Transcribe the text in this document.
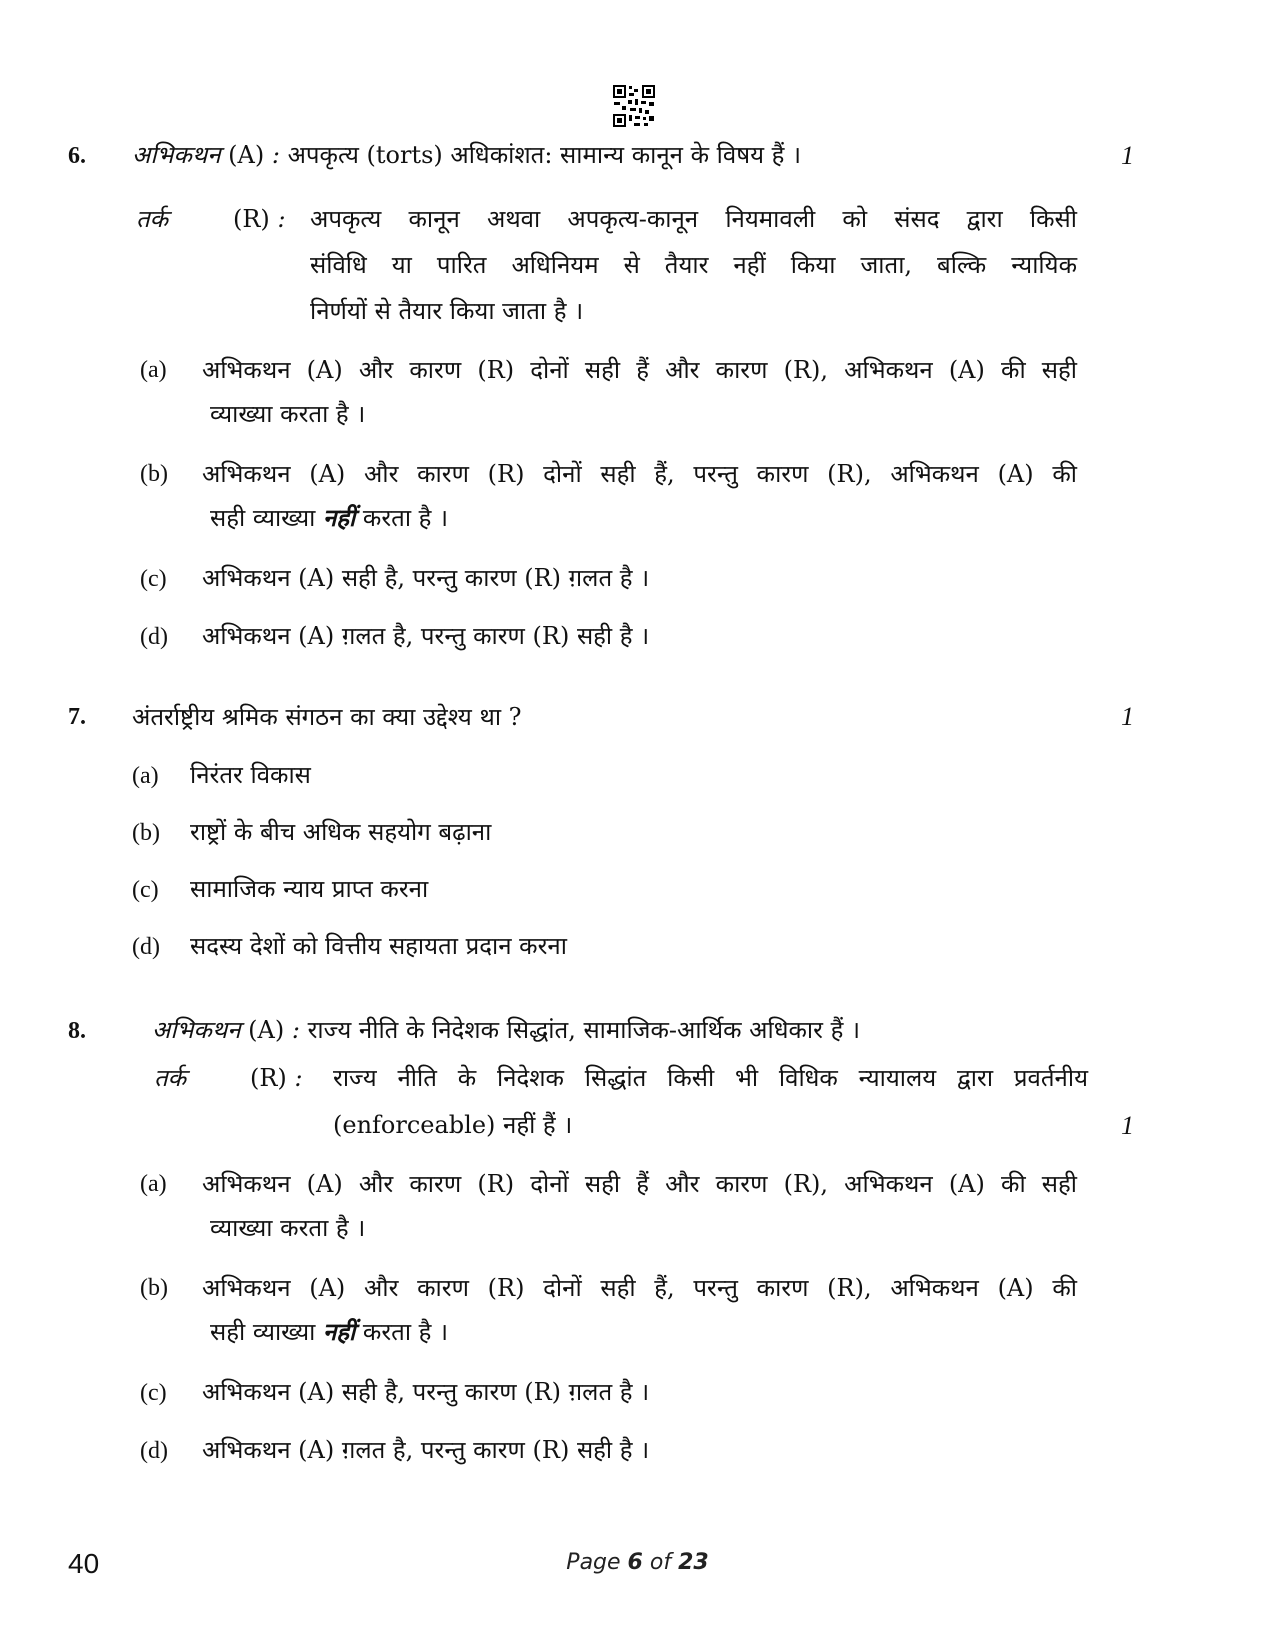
6.	1
अभिकथन (A) : अपकृत्य (torts) अधिकांशत: सामान्य कानून के विषय हैं ।
तर्क	(R) : अपकृत्य कानून अथवा अपकृत्य-कानून नियमावली को संसद द्वारा किसी
संविधि या पारित अधिनियम से तैयार नहीं किया जाता, बल्कि न्यायिक
निर्णयों से तैयार किया जाता है ।
(a) अभिकथन (A) और कारण (R) दोनों सही हैं और कारण (R), अभिकथन (A) की सही
व्याख्या करता है ।
(b) अभिकथन (A) और कारण (R) दोनों सही हैं, परन्तु कारण (R), अभिकथन (A) की
सही व्याख्या नहीं करता है ।
(c) अभिकथन (A) सही है, परन्तु कारण (R) ग़लत है ।
(d) अभिकथन (A) ग़लत है, परन्तु कारण (R) सही है ।
7.	1
अंतर्राष्ट्रीय श्रमिक संगठन का क्या उद्देश्य था ?
(a) निरंतर विकास
(b) राष्ट्रों के बीच अधिक सहयोग बढ़ाना
(c) सामाजिक न्याय प्राप्त करना
(d) सदस्य देशों को वित्तीय सहायता प्रदान करना
8.	अभिकथन (A) : राज्य नीति के निदेशक सिद्धांत, सामाजिक-आर्थिक अधिकार हैं ।
तर्क	(R) : राज्य नीति के निदेशक सिद्धांत किसी भी विधिक न्यायालय द्वारा प्रवर्तनीय
(enforceable) नहीं हैं ।	1
(a) अभिकथन (A) और कारण (R) दोनों सही हैं और कारण (R), अभिकथन (A) की सही
व्याख्या करता है ।
(b) अभिकथन (A) और कारण (R) दोनों सही हैं, परन्तु कारण (R), अभिकथन (A) की
सही व्याख्या नहीं करता है ।
(c) अभिकथन (A) सही है, परन्तु कारण (R) ग़लत है ।
(d) अभिकथन (A) ग़लत है, परन्तु कारण (R) सही है ।
40	Page 6 of 23
